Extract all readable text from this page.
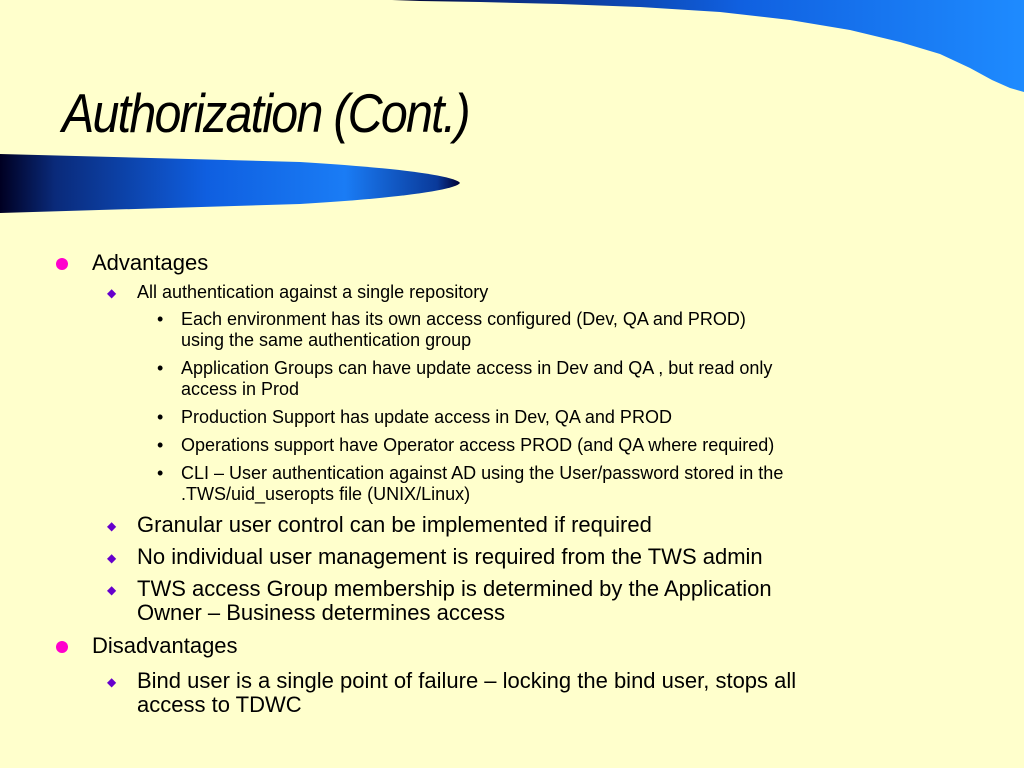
Authorization (Cont.)
Advantages
◆ All authentication against a single repository
• Each environment has its own access configured (Dev, QA and PROD)
using the same authentication group
• Application Groups can have update access in Dev and QA , but read only
access in Prod
• Production Support has update access in Dev, QA and PROD
• Operations support have Operator access PROD (and QA where required)
• CLI – User authentication against AD using the User/password stored in the
.TWS/uid_useropts file (UNIX/Linux)
◆ Granular user control can be implemented if required
◆ No individual user management is required from the TWS admin
◆ TWS access Group membership is determined by the Application
Owner – Business determines access
Disadvantages
◆ Bind user is a single point of failure – locking the bind user, stops all
access to TDWC
